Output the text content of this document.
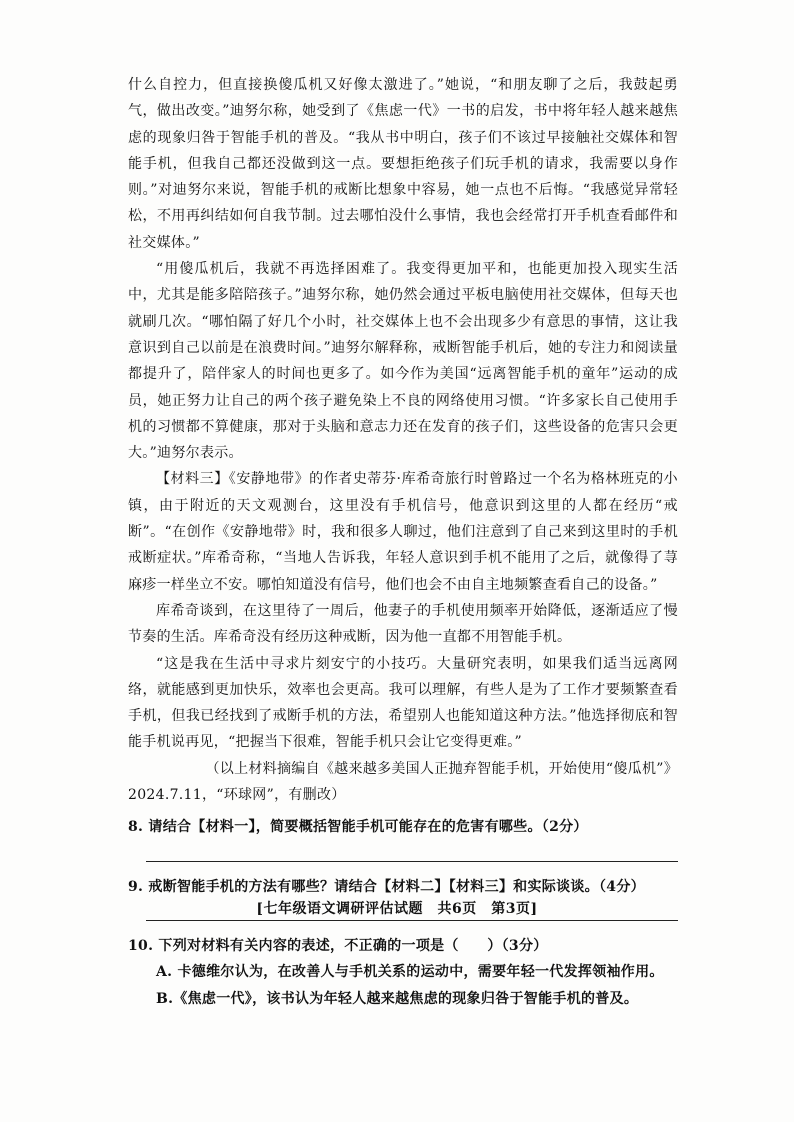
什么自控力，但直接换傻瓜机又好像太激进了。”她说，“和朋友聊了之后，我鼓起勇气，做出改变。”迪努尔称，她受到了《焦虑一代》一书的启发，书中将年轻人越来越焦虑的现象归咎于智能手机的普及。“我从书中明白，孩子们不该过早接触社交媒体和智能手机，但我自己都还没做到这一点。要想拒绝孩子们玩手机的请求，我需要以身作则。”对迪努尔来说，智能手机的戒断比想象中容易，她一点也不后悔。“我感觉异常轻松，不用再纠结如何自我节制。过去哪怕没什么事情，我也会经常打开手机查看邮件和社交媒体。”

“用傻瓜机后，我就不再选择困难了。我变得更加平和，也能更加投入现实生活中，尤其是能多陪陪孩子。”迪努尔称，她仍然会通过平板电脑使用社交媒体，但每天也就刷几次。“哪怕隔了好几个小时，社交媒体上也不会出现多少有意思的事情，这让我意识到自己以前是在浪费时间。”迪努尔解释称，戒断智能手机后，她的专注力和阅读量都提升了，陪伴家人的时间也更多了。如今作为美国“远离智能手机的童年”运动的成员，她正努力让自己的两个孩子避免染上不良的网络使用习惯。“许多家长自己使用手机的习惯都不算健康，那对于头脑和意志力还在发育的孩子们，这些设备的危害只会更大。”迪努尔表示。

【材料三】《安静地带》的作者史蒂芬·库希奇旅行时曾路过一个名为格林班克的小镇，由于附近的天文观测台，这里没有手机信号，他意识到这里的人都在经历“戒断”。“在创作《安静地带》时，我和很多人聊过，他们注意到了自己来到这里时的手机戒断症状。”库希奇称，“当地人告诉我，年轻人意识到手机不能用了之后，就像得了荨麻疹一样坐立不安。哪怕知道没有信号，他们也会不由自主地频繁查看自己的设备。”

库希奇谈到，在这里待了一周后，他妻子的手机使用频率开始降低，逐渐适应了慢节奏的生活。库希奇没有经历这种戒断，因为他一直都不用智能手机。

“这是我在生活中寻求片刻安宁的小技巧。大量研究表明，如果我们适当远离网络，就能感到更加快乐，效率也会更高。我可以理解，有些人是为了工作才要频繁查看手机，但我已经找到了戒断手机的方法，希望别人也能知道这种方法。”他选择彻底和智能手机说再见，“把握当下很难，智能手机只会让它变得更难。”

（以上材料摘编自《越来越多美国人正抛弃智能手机，开始使用“傻瓜机”》

2024.7.11，“环球网”，有删改）

8. 请结合【材料一】，简要概括智能手机可能存在的危害有哪些。（2分）

9. 戒断智能手机的方法有哪些？请结合【材料二】【材料三】和实际谈谈。（4分）

10. 下列对材料有关内容的表述，不正确的一项是（　　）（3分）

A. 卡德维尔认为，在改善人与手机关系的运动中，需要年轻一代发挥领袖作用。

B.《焦虑一代》，该书认为年轻人越来越焦虑的现象归咎于智能手机的普及。

[七年级语文调研评估试题　共6页　第3页]
